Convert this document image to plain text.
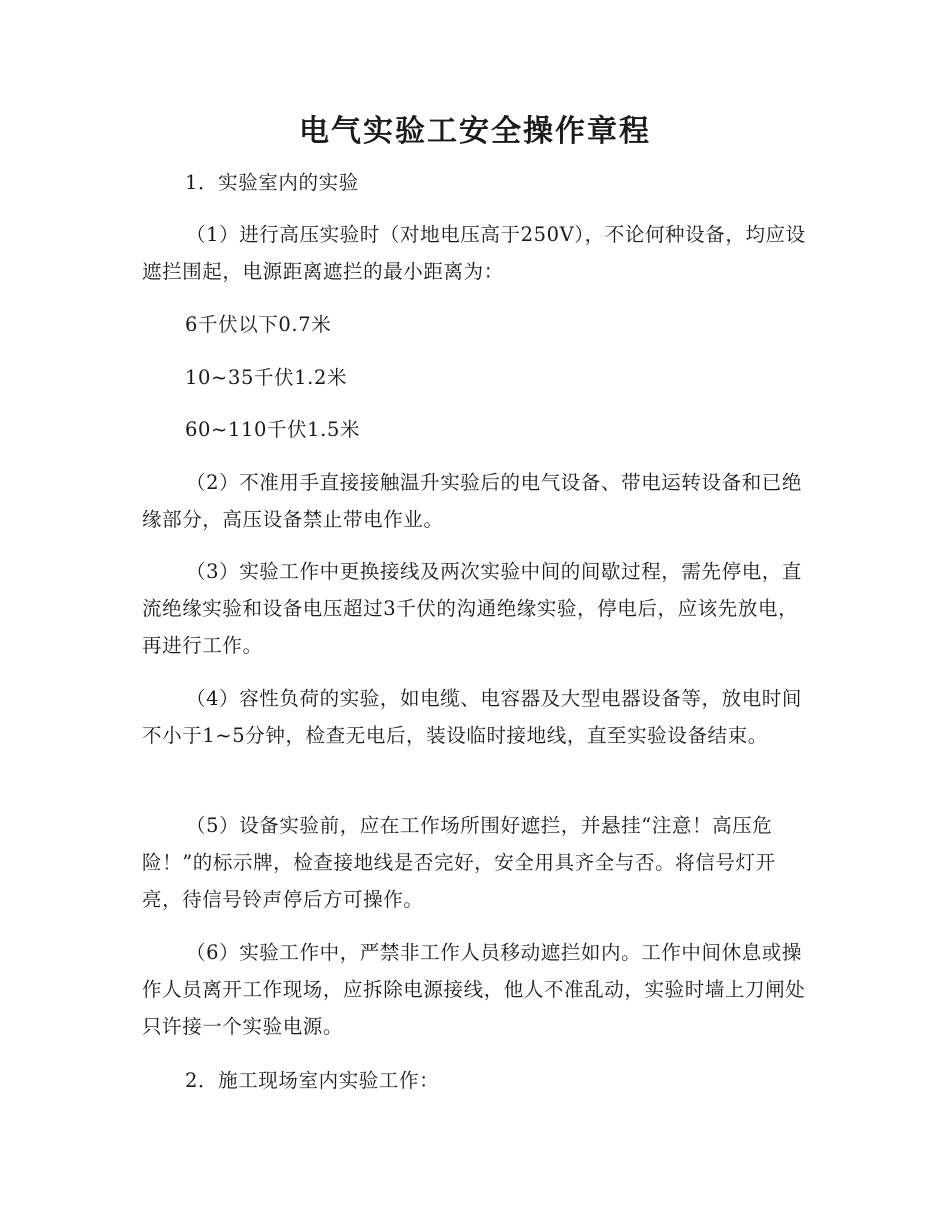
电气实验工安全操作章程
1．实验室内的实验

（1）进行高压实验时（对地电压高于250V），不论何种设备，均应设遮拦围起，电源距离遮拦的最小距离为：

6千伏以下0.7米
10~35千伏1.2米
60~110千伏1.5米

（2）不准用手直接接触温升实验后的电气设备、带电运转设备和已绝缘部分，高压设备禁止带电作业。

（3）实验工作中更换接线及两次实验中间的间歇过程，需先停电，直流绝缘实验和设备电压超过3千伏的沟通绝缘实验，停电后，应该先放电，再进行工作。

（4）容性负荷的实验，如电缆、电容器及大型电器设备等，放电时间不小于1~5分钟，检查无电后，装设临时接地线，直至实验设备结束。

（5）设备实验前，应在工作场所围好遮拦，并悬挂“注意！高压危险！”的标示牌，检查接地线是否完好，安全用具齐全与否。将信号灯开亮，待信号铃声停后方可操作。

（6）实验工作中，严禁非工作人员移动遮拦如内。工作中间休息或操作人员离开工作现场，应拆除电源接线，他人不准乱动，实验时墙上刀闸处只许接一个实验电源。

2．施工现场室内实验工作：
